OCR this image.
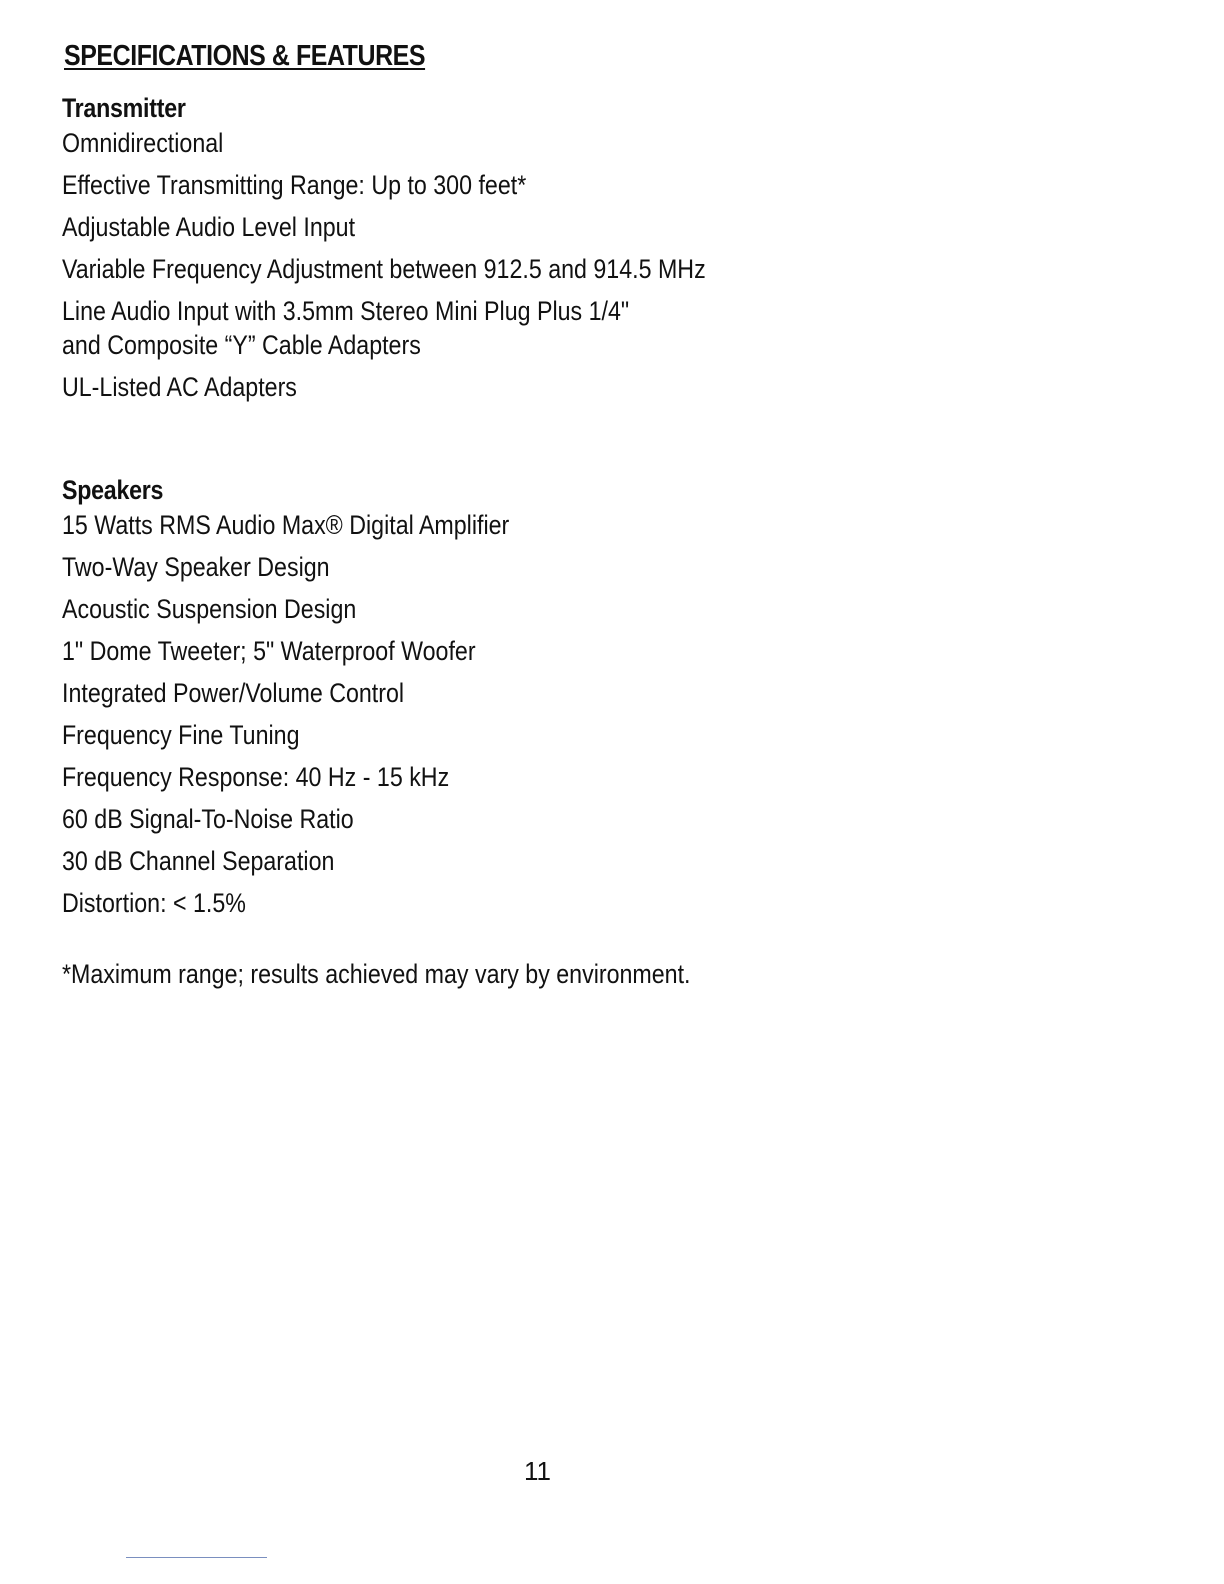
SPECIFICATIONS & FEATURES
Transmitter
Omnidirectional
Effective Transmitting Range: Up to 300 feet*
Adjustable Audio Level Input
Variable Frequency Adjustment between 912.5 and 914.5 MHz
Line Audio Input with 3.5mm Stereo Mini Plug Plus 1/4"
and Composite “Y” Cable Adapters
UL-Listed AC Adapters
Speakers
15 Watts RMS Audio Max® Digital Amplifier
Two-Way Speaker Design
Acoustic Suspension Design
1" Dome Tweeter; 5" Waterproof Woofer
Integrated Power/Volume Control
Frequency Fine Tuning
Frequency Response: 40 Hz - 15 kHz
60 dB Signal-To-Noise Ratio
30 dB Channel Separation
Distortion: < 1.5%

*Maximum range; results achieved may vary by environment.

11
